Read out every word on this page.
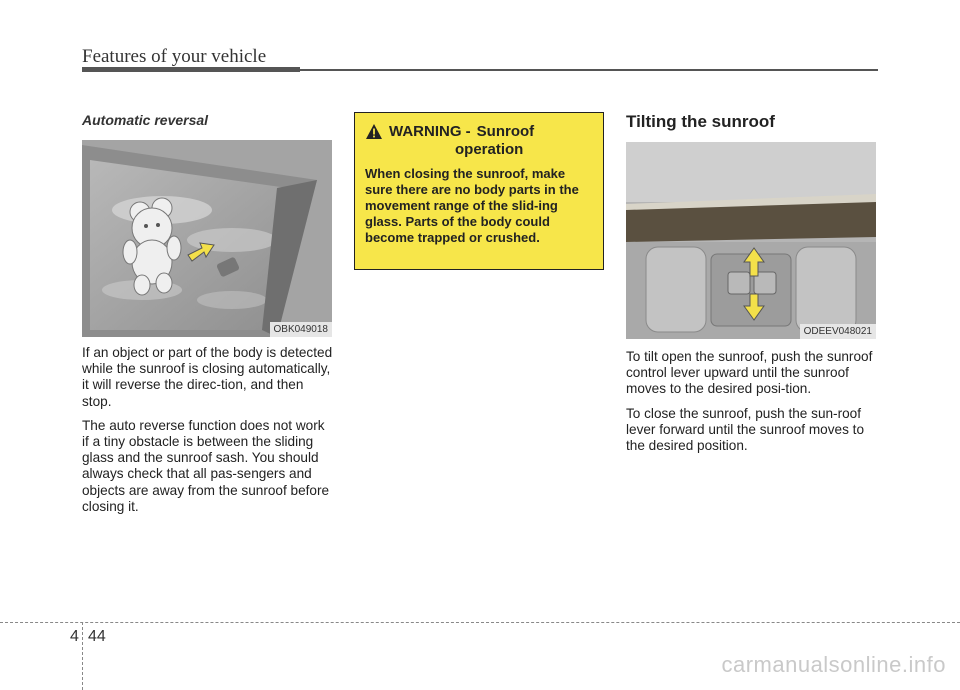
Features of your vehicle
Automatic reversal
OBK049018

If an object or part of the body is detected while the sunroof is closing automatically, it will reverse the direc-tion, and then stop.

The auto reverse function does not work if a tiny obstacle is between the sliding glass and the sunroof sash. You should always check that all pas-sengers and objects are away from the sunroof before closing it.

WARNING - Sunroof
operation
When closing the sunroof, make sure there are no body parts in the movement range of the slid-ing glass. Parts of the body could become trapped or crushed.
Tilting the sunroof
ODEEV048021

To tilt open the sunroof, push the sunroof control lever upward until the sunroof moves to the desired posi-tion.

To close the sunroof, push the sun-roof lever forward until the sunroof moves to the desired position.

4 44
carmanualsonline.info
